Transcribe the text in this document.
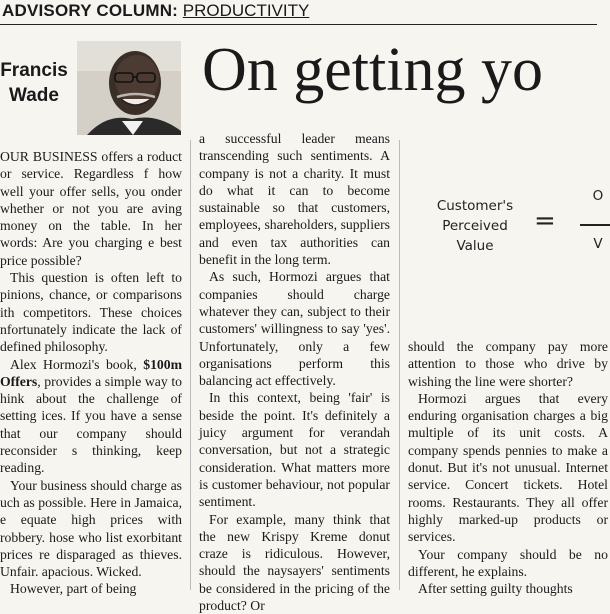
ADVISORY COLUMN: PRODUCTIVITY
Francis
Wade On getting yo
Customer's
Perceived
Value
=
O
V

OUR BUSINESS offers a roduct or service. Regardless f how well your offer sells, you onder whether or not you are aving money on the table. In her words: Are you charging e best price possible?

This question is often left to pinions, chance, or comparisons ith competitors. These choices nfortunately indicate the lack of defined philosophy.

Alex Hormozi's book, $100m Offers, provides a simple way to hink about the challenge of setting ices. If you have a sense that our company should reconsider s thinking, keep reading.

Your business should charge as uch as possible. Here in Jamaica, e equate high prices with robbery. hose who list exorbitant prices re disparaged as thieves. Unfair. apacious. Wicked.

However, part of being

a successful leader means transcending such sentiments. A company is not a charity. It must do what it can to become sustainable so that customers, employees, shareholders, suppliers and even tax authorities can benefit in the long term.

As such, Hormozi argues that companies should charge whatever they can, subject to their customers' willingness to say 'yes'. Unfortunately, only a few organisations perform this balancing act effectively.

In this context, being 'fair' is beside the point. It's definitely a juicy argument for verandah conversation, but not a strategic consideration. What matters more is customer behaviour, not popular sentiment.

For example, many think that the new Krispy Kreme donut craze is ridiculous. However, should the naysayers' sentiments be considered in the pricing of the product? Or

should the company pay more attention to those who drive by wishing the line were shorter?

Hormozi argues that every enduring organisation charges a big multiple of its unit costs. A company spends pennies to make a donut. But it's not unusual. Internet service. Concert tickets. Hotel rooms. Restaurants. They all offer highly marked-up products or services.

Your company should be no different, he explains.

After setting guilty thoughts
